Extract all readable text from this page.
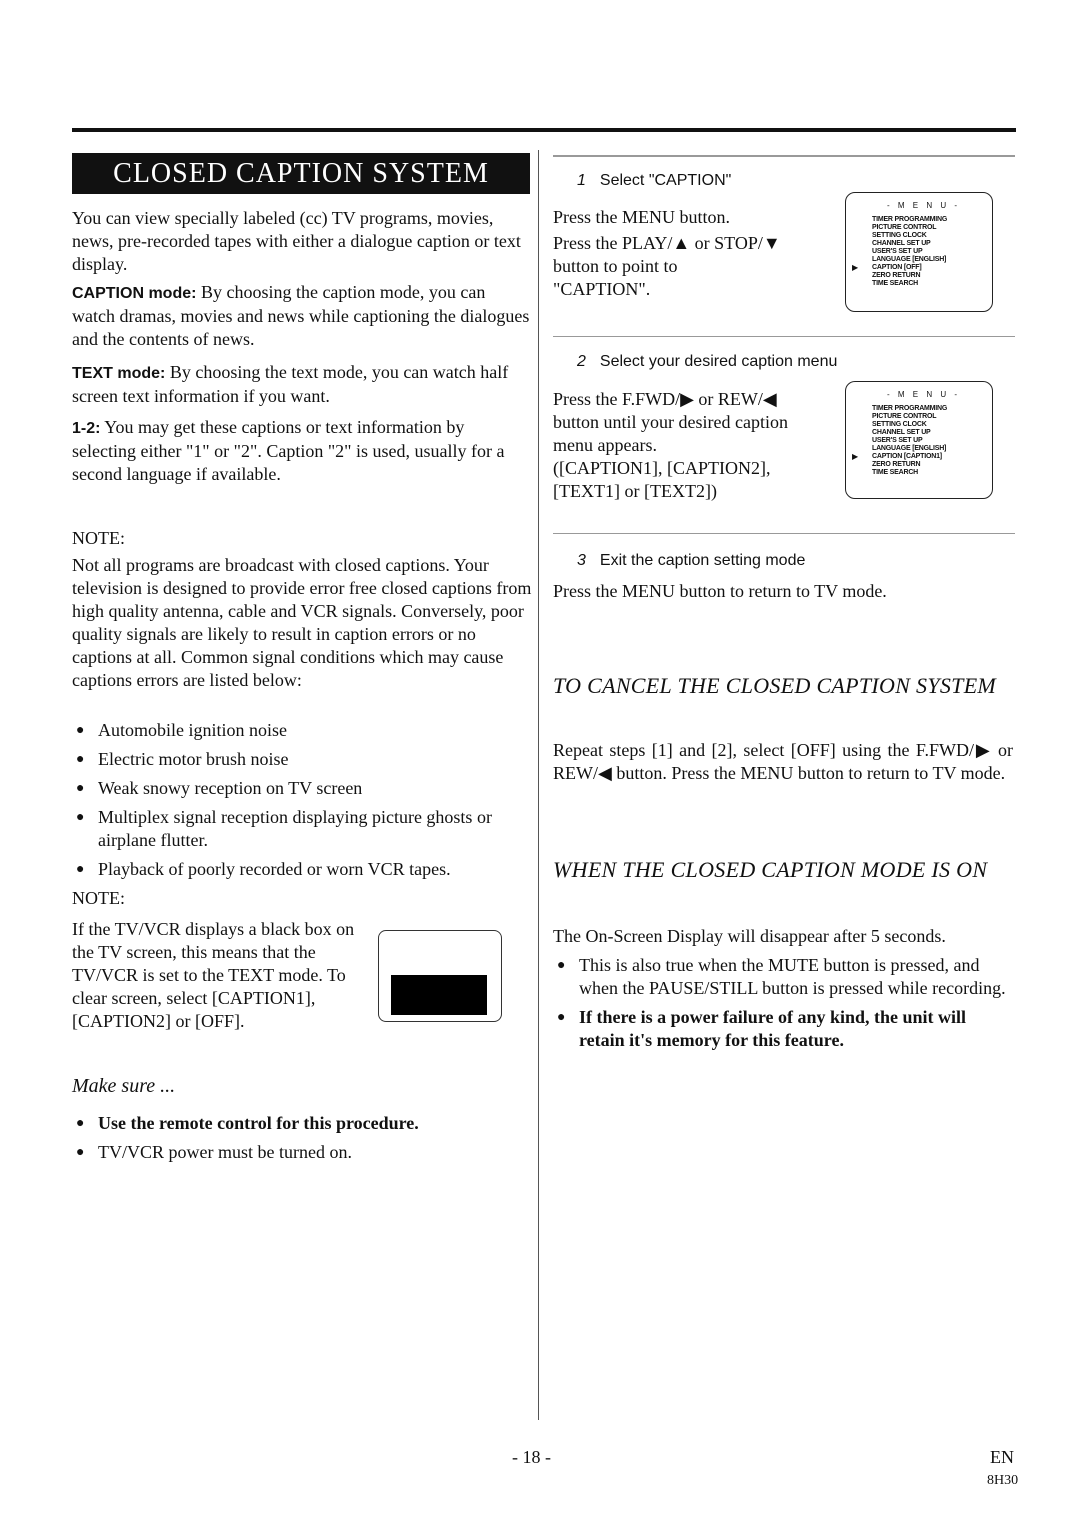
CLOSED CAPTION SYSTEM
You can view specially labeled (cc) TV programs, movies, news, pre-recorded tapes with either a dialogue caption or text display.
CAPTION mode: By choosing the caption mode, you can watch dramas, movies and news while captioning the dialogues and the contents of news.
TEXT mode: By choosing the text mode, you can watch half screen text information if you want.
1-2: You may get these captions or text information by selecting either "1" or "2". Caption "2" is used, usually for a second language if available.
NOTE:
Not all programs are broadcast with closed captions. Your television is designed to provide error free closed captions from high quality antenna, cable and VCR signals. Conversely, poor quality signals are likely to result in caption errors or no captions at all. Common signal conditions which may cause captions errors are listed below:
● Automobile ignition noise
● Electric motor brush noise
● Weak snowy reception on TV screen
● Multiplex signal reception displaying picture ghosts or airplane flutter.
● Playback of poorly recorded or worn VCR tapes.
NOTE:
If the TV/VCR displays a black box on the TV screen, this means that the TV/VCR is set to the TEXT mode. To clear screen, select [CAPTION1], [CAPTION2] or [OFF].
Make sure ...
● Use the remote control for this procedure.
● TV/VCR power must be turned on.
1 Select "CAPTION"
Press the MENU button.
Press the PLAY/▲ or STOP/▼
button to point to
"CAPTION".
- M E N U -
TIMER PROGRAMMING
PICTURE CONTROL
SETTING CLOCK
CHANNEL SET UP
USER'S SET UP
LANGUAGE [ENGLISH]
▶ CAPTION [OFF]
ZERO RETURN
TIME SEARCH
2 Select your desired caption menu
Press the F.FWD/▶ or REW/◀
button until your desired caption
menu appears.
([CAPTION1], [CAPTION2],
[TEXT1] or [TEXT2])
- M E N U -
TIMER PROGRAMMING
PICTURE CONTROL
SETTING CLOCK
CHANNEL SET UP
USER'S SET UP
LANGUAGE [ENGLISH]
▶ CAPTION [CAPTION1]
ZERO RETURN
TIME SEARCH
3 Exit the caption setting mode
Press the MENU button to return to TV mode.
TO CANCEL THE CLOSED CAPTION SYSTEM
Repeat steps [1] and [2], select [OFF] using the F.FWD/▶ or REW/◀ button. Press the MENU button to return to TV mode.
WHEN THE CLOSED CAPTION MODE IS ON
The On-Screen Display will disappear after 5 seconds.
● This is also true when the MUTE button is pressed, and when the PAUSE/STILL button is pressed while recording.
● If there is a power failure of any kind, the unit will retain it's memory for this feature.
- 18 -	EN
8H30
